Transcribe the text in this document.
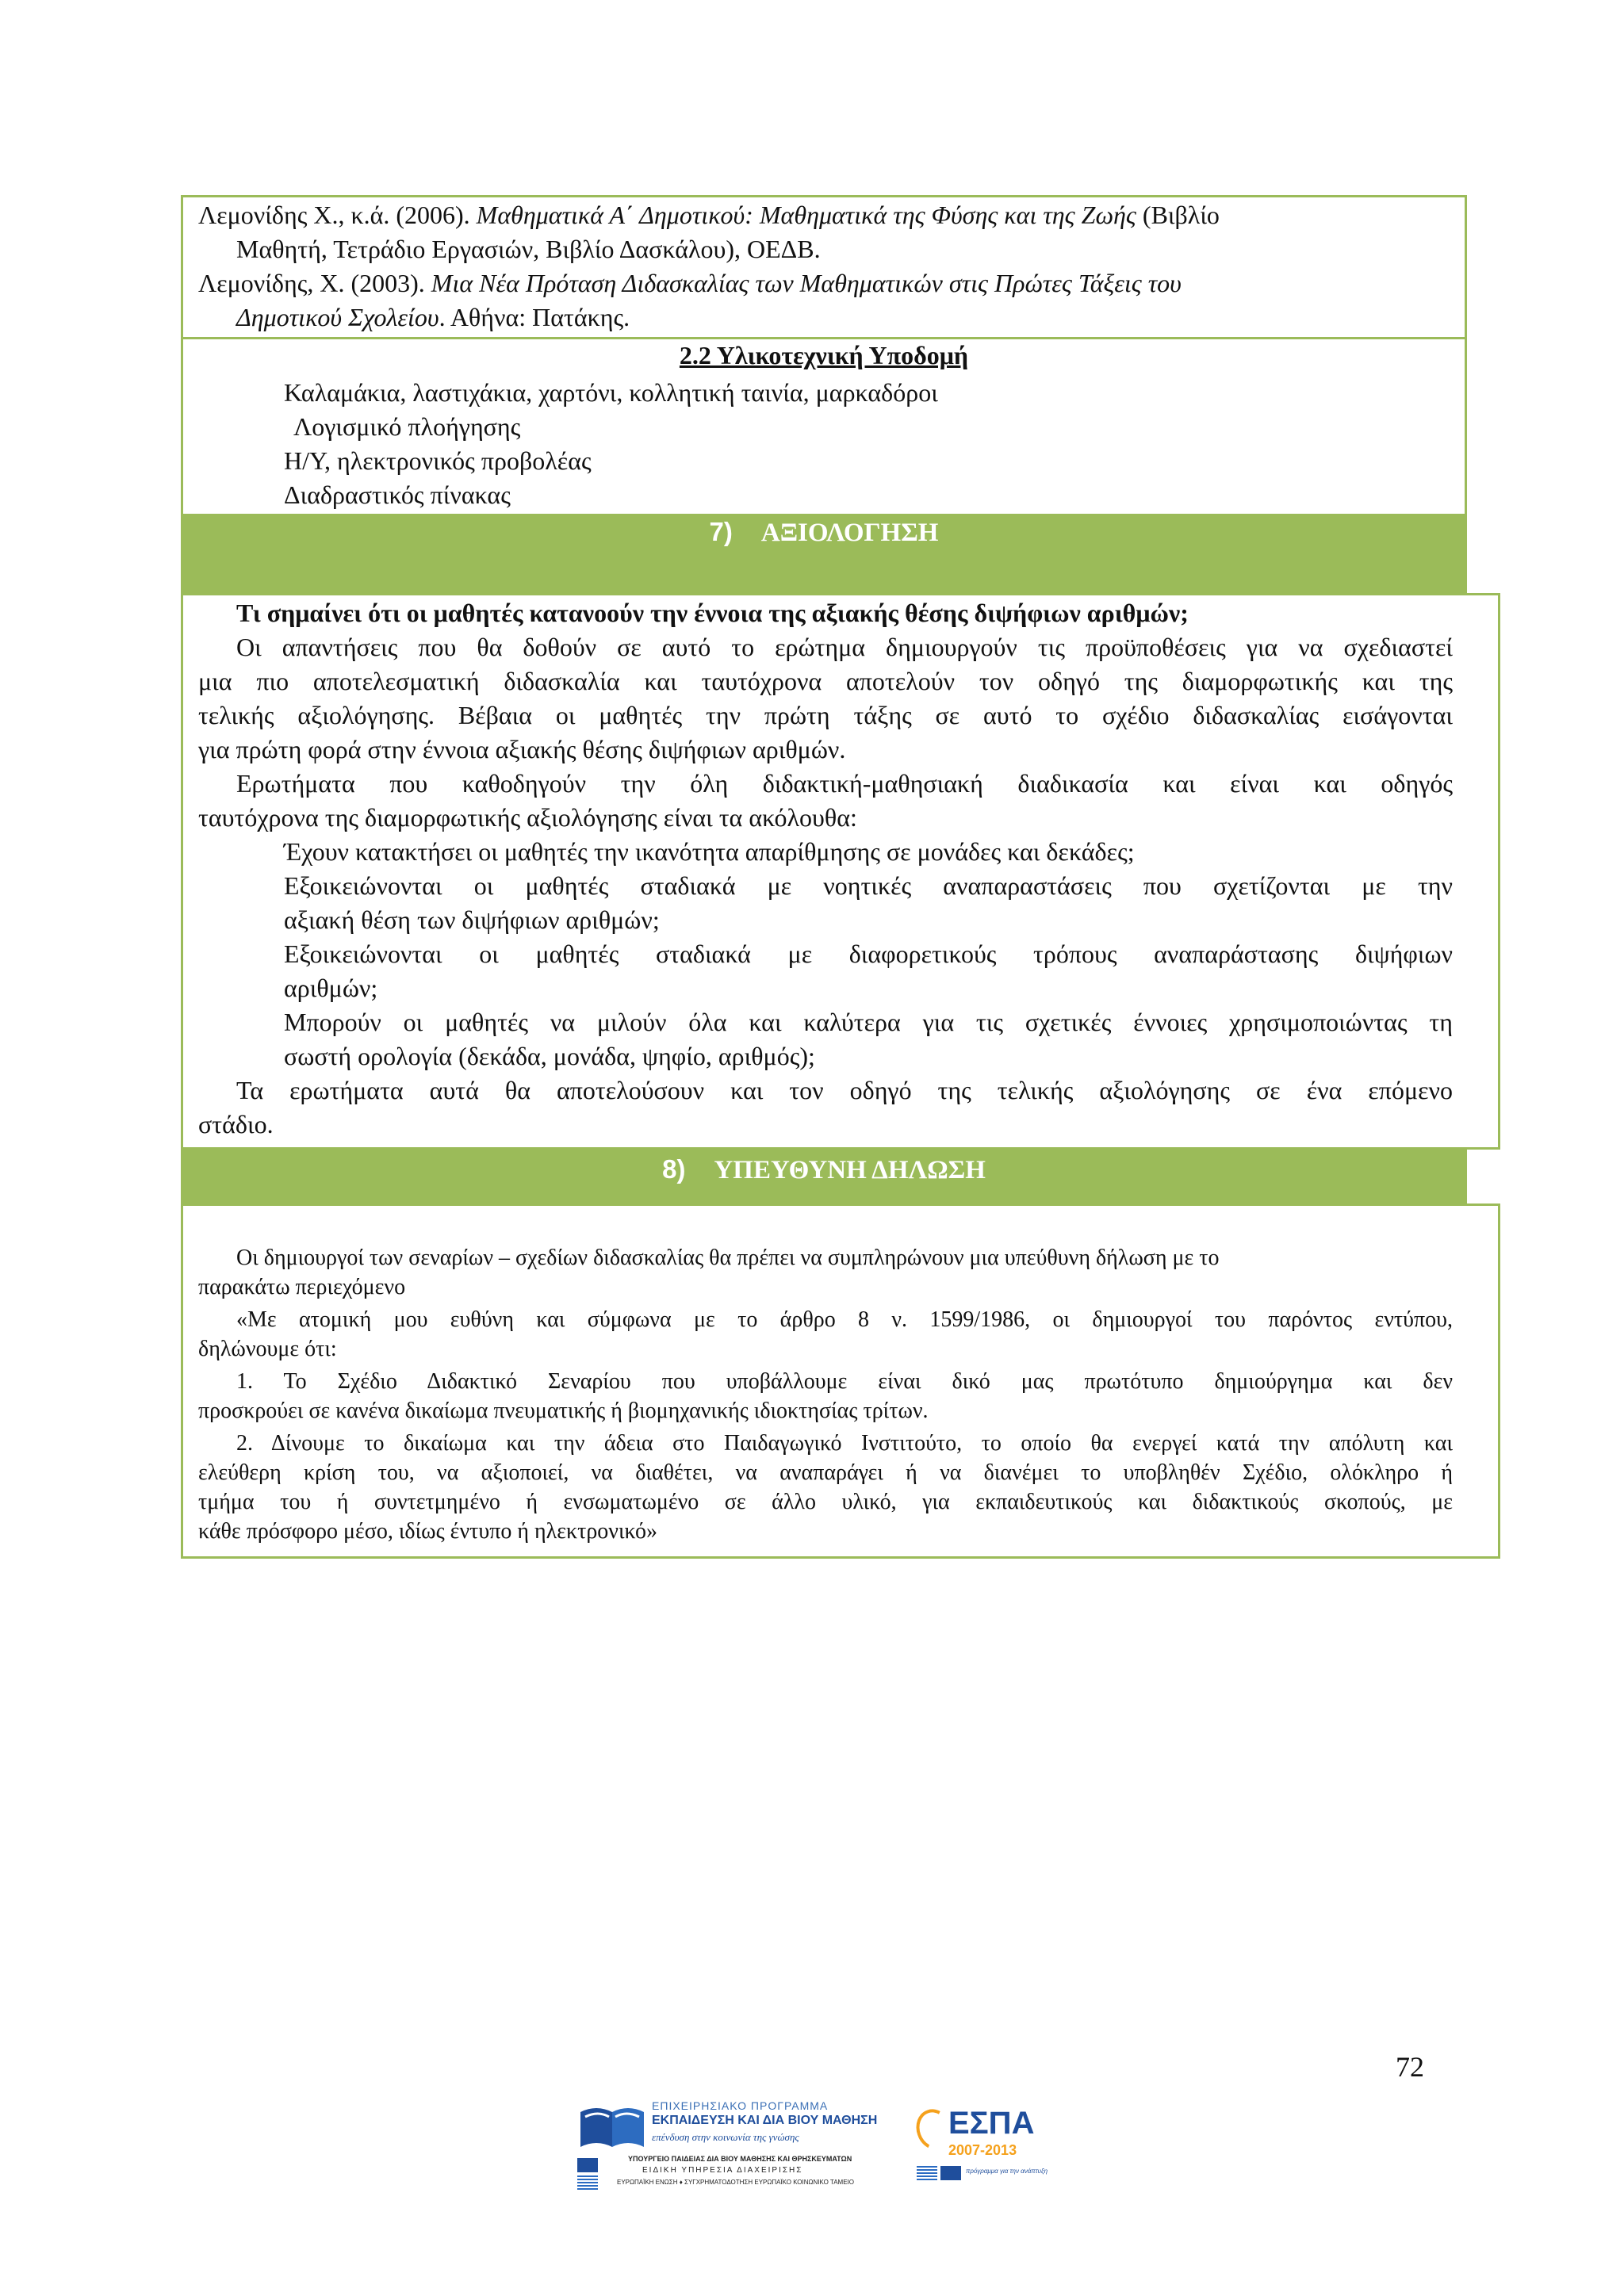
Λεμονίδης Χ., κ.ά. (2006). Μαθηματικά Α΄ Δημοτικού: Μαθηματικά της Φύσης και της Ζωής (Βιβλίο
Μαθητή, Τετράδιο Εργασιών, Βιβλίο Δασκάλου), ΟΕΔΒ.
Λεμονίδης, Χ. (2003). Μια Νέα Πρόταση Διδασκαλίας των Μαθηματικών στις Πρώτες Τάξεις του
Δημοτικού Σχολείου. Αθήνα: Πατάκης.
2.2 Υλικοτεχνική Υποδομή
Καλαμάκια, λαστιχάκια, χαρτόνι, κολλητική ταινία, μαρκαδόροι
Λογισμικό πλοήγησης
Η/Υ, ηλεκτρονικός προβολέας
Διαδραστικός πίνακας
7) ΑΞΙΟΛΟΓΗΣΗ
Τι σημαίνει ότι οι μαθητές κατανοούν την έννοια της αξιακής θέσης διψήφιων αριθμών;
Οι απαντήσεις που θα δοθούν σε αυτό το ερώτημα δημιουργούν τις προϋποθέσεις για να σχεδιαστεί
μια πιο αποτελεσματική διδασκαλία και ταυτόχρονα αποτελούν τον οδηγό της διαμορφωτικής και της
τελικής αξιολόγησης. Βέβαια οι μαθητές την πρώτη τάξης σε αυτό το σχέδιο διδασκαλίας εισάγονται
για πρώτη φορά στην έννοια αξιακής θέσης διψήφιων αριθμών.
Ερωτήματα που καθοδηγούν την όλη διδακτική-μαθησιακή διαδικασία και είναι και οδηγός
ταυτόχρονα της διαμορφωτικής αξιολόγησης είναι τα ακόλουθα:
Έχουν κατακτήσει οι μαθητές την ικανότητα απαρίθμησης σε μονάδες και δεκάδες;
Εξοικειώνονται οι μαθητές σταδιακά με νοητικές αναπαραστάσεις που σχετίζονται με την
αξιακή θέση των διψήφιων αριθμών;
Εξοικειώνονται οι μαθητές σταδιακά με διαφορετικούς τρόπους αναπαράστασης διψήφιων
αριθμών;
Μπορούν οι μαθητές να μιλούν όλα και καλύτερα για τις σχετικές έννοιες χρησιμοποιώντας τη
σωστή ορολογία (δεκάδα, μονάδα, ψηφίο, αριθμός);
Τα ερωτήματα αυτά θα αποτελούσουν και τον οδηγό της τελικής αξιολόγησης σε ένα επόμενο
στάδιο.
8) ΥΠΕΥΘΥΝΗ ΔΗΛΩΣΗ
Οι δημιουργοί των σεναρίων – σχεδίων διδασκαλίας θα πρέπει να συμπληρώνουν μια υπεύθυνη δήλωση με το
παρακάτω περιεχόμενο
«Με ατομική μου ευθύνη και σύμφωνα με το άρθρο 8 ν. 1599/1986, οι δημιουργοί του παρόντος εντύπου,
δηλώνουμε ότι:
1. Το Σχέδιο Διδακτικό Σεναρίου που υποβάλλουμε είναι δικό μας πρωτότυπο δημιούργημα και δεν
προσκρούει σε κανένα δικαίωμα πνευματικής ή βιομηχανικής ιδιοκτησίας τρίτων.
2. Δίνουμε το δικαίωμα και την άδεια στο Παιδαγωγικό Ινστιτούτο, το οποίο θα ενεργεί κατά την απόλυτη και
ελεύθερη κρίση του, να αξιοποιεί, να διαθέτει, να αναπαράγει ή να διανέμει το υποβληθέν Σχέδιο, ολόκληρο ή
τμήμα του ή συντετμημένο ή ενσωματωμένο σε άλλο υλικό, για εκπαιδευτικούς και διδακτικούς σκοπούς, με
κάθε πρόσφορο μέσο, ιδίως έντυπο ή ηλεκτρονικό»
72
ΕΠΙΧΕΙΡΗΣΙΑΚΟ ΠΡΟΓΡΑΜΜΑ
ΕΚΠΑΙΔΕΥΣΗ ΚΑΙ ΔΙΑ ΒΙΟΥ ΜΑΘΗΣΗ
επένδυση στην κοινωνία της γνώσης
ΥΠΟΥΡΓΕΙΟ ΠΑΙΔΕΙΑΣ ΔΙΑ ΒΙΟΥ ΜΑΘΗΣΗΣ ΚΑΙ ΘΡΗΣΚΕΥΜΑΤΩΝ
ΕΙΔΙΚΗ ΥΠΗΡΕΣΙΑ ΔΙΑΧΕΙΡΙΣΗΣ
ΕΥΡΩΠΑΪΚΗ ΕΝΩΣΗ ♦ ΣΥΓΧΡΗΜΑΤΟΔΟΤΗΣΗ ΕΥΡΩΠΑΪΚΟ ΚΟΙΝΩΝΙΚΟ ΤΑΜΕΙΟ
ΕΣΠΑ
2007-2013
πρόγραμμα για την ανάπτυξη
